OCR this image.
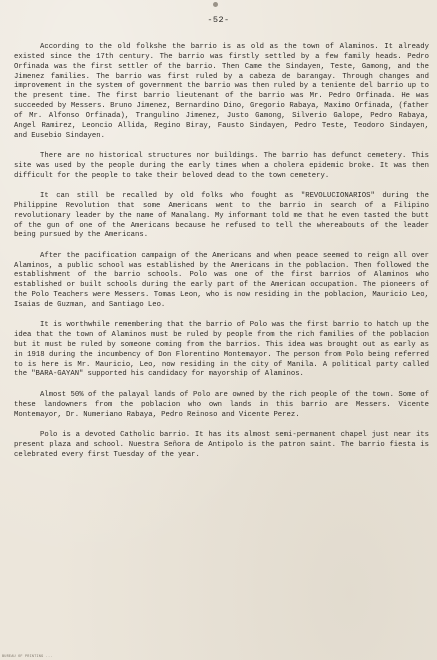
-52-

According to the old folkshe the barrio is as old as the town of Alaminos. It already existed since the 17th century. The barrio was firstly settled by a few family heads. Pedro Orfinada was the first settler of the barrio. Then Came the Sindayen, Teste, Gamong, and the Jimenez families. The barrio was first ruled by a cabeza de barangay. Through changes and improvement in the system of government the barrio was then ruled by a teniente del barrio up to the present time. The first barrio lieutenant of the barrio was Mr. Pedro Orfinada. He was succeeded by Messers. Bruno Jimenez, Bernardino Dino, Gregorio Rabaya, Maximo Orfinada, (father of Mr. Alfonso Orfinada), Trangulino Jimenez, Justo Gamong, Silverio Galope, Pedro Rabaya, Angel Ramirez, Leoncio Allida, Regino Biray, Fausto Sindayen, Pedro Teste, Teodoro Sindayen, and Eusebio Sindayen.

There are no historical structures nor buildings. The barrio has defunct cemetery. This site was used by the people during the early times when a cholera epidemic broke. It was then difficult for the people to take their beloved dead to the town cemetery.

It can still be recalled by old folks who fought as "REVOLUCIONARIOS" during the Philippine Revolution that some Americans went to the barrio in search of a Filipino revolutionary leader by the name of Manalang. My informant told me that he even tasted the butt of the gun of one of the Americans because he refused to tell the whereabouts of the leader being pursued by the Americans.

After the pacification campaign of the Americans and when peace seemed to reign all over Alaminos, a public school was established by the Americans in the poblacion. Then followed the establishment of the barrio schools. Polo was one of the first barrios of Alaminos who established or built schools during the early part of the American occupation. The pioneers of the Polo Teachers were Messers. Tomas Leon, who is now residing in the poblacion, Mauricio Leo, Isaias de Guzman, and Santiago Leo.

It is worthwhile remembering that the barrio of Polo was the first barrio to hatch up the idea that the town of Alaminos must be ruled by people from the rich families of the poblacion but it must be ruled by someone coming from the barrios. This idea was brought out as early as in 1918 during the incumbency of Don Florentino Montemayor. The person from Polo being referred to is here is Mr. Mauricio, Leo, now residing in the city of Manila. A political party called the "BARA-GAYAN" supported his candidacy for mayorship of Alaminos.

Almost 50% of the palayal lands of Polo are owned by the rich people of the town. Some of these landowners from the poblacion who own lands in this barrio are Messers. Vicente Montemayor, Dr. Numeriano Rabaya, Pedro Reinoso and Vicente Perez.

Polo is a devoted Catholic barrio. It has its almost semi-permanent chapel just near its present plaza and school. Nuestra Señora de Antipolo is the patron saint. The barrio fiesta is celebrated every first Tuesday of the year.

BUREAU OF PRINTING ...
